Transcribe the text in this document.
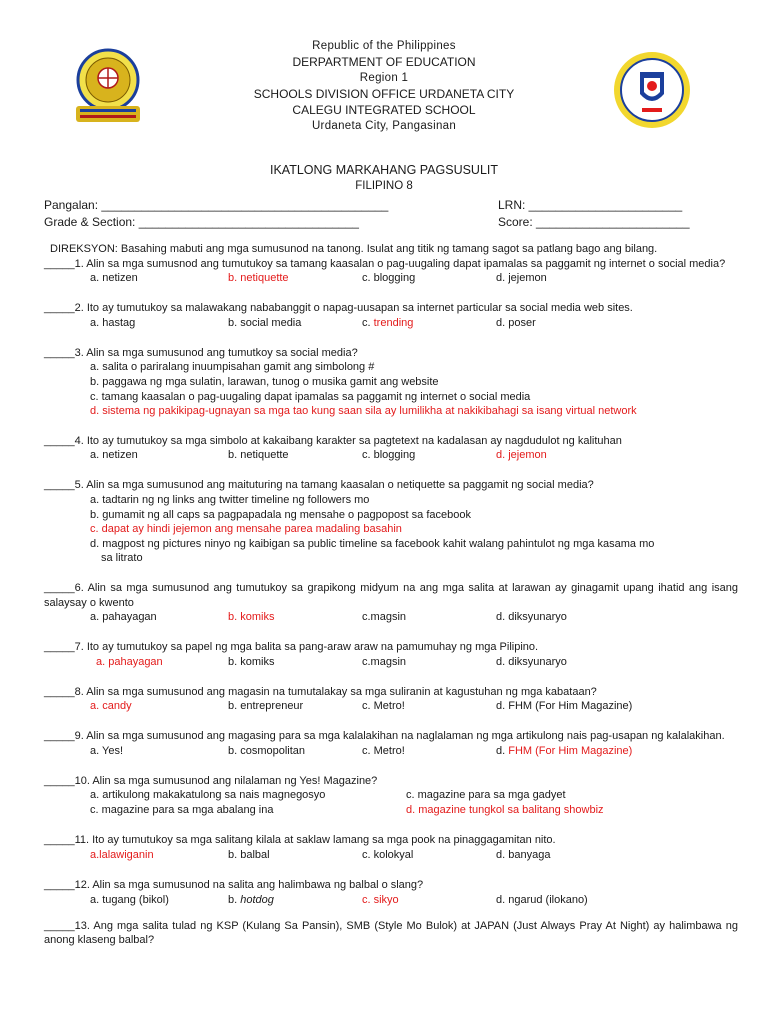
Republic of the Philippines
DERPARTMENT OF EDUCATION
Region 1
SCHOOLS DIVISION OFFICE URDANETA CITY
CALEGU INTEGRATED SCHOOL
Urdaneta City, Pangasinan
IKATLONG MARKAHANG PAGSUSULIT
FILIPINO 8
Pangalan: ___________________________________________	LRN: _______________________
Grade & Section: _________________________________	Score: _______________________
DIREKSYON: Basahing mabuti ang mga sumusunod na tanong. Isulat ang titik ng tamang sagot sa patlang bago ang bilang.
_____1. Alin sa mga sumusnod ang tumutukoy sa tamang kaasalan o pag-uugaling dapat ipamalas sa paggamit ng internet o social media?
a. netizen	b. netiquette	c. blogging	d. jejemon
_____2. Ito ay tumutukoy sa malawakang nababanggit o napag-uusapan sa internet particular sa social media web sites.
a. hastag	b. social media	c. trending	d. poser
_____3. Alin sa mga sumusunod ang tumutkoy sa social media?
a. salita o pariralang inuumpisahan gamit ang simbolong #
b. paggawa ng mga sulatin, larawan, tunog o musika gamit ang website
c. tamang kaasalan o pag-uugaling dapat ipamalas sa paggamit ng internet o social media
d. sistema ng pakikipag-ugnayan sa mga tao kung saan sila ay lumilikha at nakikibahagi sa isang virtual network
_____4. Ito ay tumutukoy sa mga simbolo at kakaibang karakter sa pagtetext na kadalasan ay nagdudulot ng kalituhan
a. netizen	b. netiquette	c. blogging	d. jejemon
_____5. Alin sa mga sumusunod ang maituturing na tamang kaasalan o netiquette sa paggamit ng social media?
a. tadtarin ng ng links ang twitter timeline ng followers mo
b. gumamit ng all caps sa pagpapadala ng mensahe o pagpopost sa facebook
c. dapat ay hindi jejemon ang mensahe parea madaling basahin
d. magpost ng pictures ninyo ng kaibigan sa public timeline sa facebook kahit walang pahintulot ng mga kasama mo
sa litrato
_____6. Alin sa mga sumusunod ang tumutukoy sa grapikong midyum na ang mga salita at larawan ay ginagamit upang ihatid ang isang salaysay o kwento
a. pahayagan	b. komiks	c.magsin	d. diksyunaryo
_____7. Ito ay tumutukoy sa papel ng mga balita sa pang-araw araw na pamumuhay ng mga Pilipino.
a. pahayagan	b. komiks	c.magsin	d. diksyunaryo
_____8. Alin sa mga sumusunod ang magasin na tumutalakay sa mga suliranin at kagustuhan ng mga kabataan?
a. candy	b. entrepreneur	c. Metro!	d. FHM (For Him Magazine)
_____9. Alin sa mga sumusunod ang magasing para sa mga kalalakihan na naglalaman ng mga artikulong nais pag-usapan ng kalalakihan.
a. Yes!	b. cosmopolitan	c. Metro!	d. FHM (For Him Magazine)
_____10. Alin sa mga sumusunod ang nilalaman ng Yes! Magazine?
a. artikulong makakatulong sa nais magnegosyo	c. magazine para sa mga gadyet
c. magazine para sa mga abalang ina	d. magazine tungkol sa balitang showbiz
_____11. Ito ay tumutukoy sa mga salitang kilala at saklaw lamang sa mga pook na pinaggagamitan nito.
a.lalawiganin	b. balbal	c. kolokyal	d. banyaga
_____12. Alin sa mga sumusunod na salita ang halimbawa ng balbal o slang?
a. tugang (bikol)	b. hotdog	c. sikyo	d. ngarud (ilokano)
_____13. Ang mga salita tulad ng KSP (Kulang Sa Pansin), SMB (Style Mo Bulok) at JAPAN (Just Always Pray At Night) ay halimbawa ng anong klaseng balbal?
